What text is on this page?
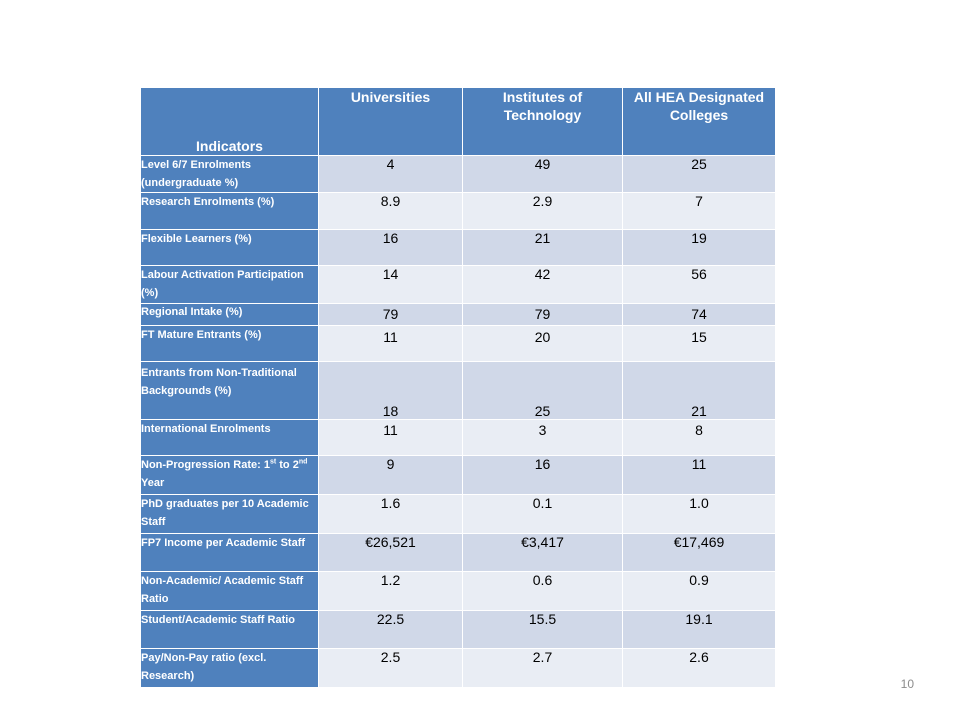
Indicators	Universities	Institutes of Technology	All HEA Designated Colleges
Level 6/7 Enrolments (undergraduate %)	4	49	25
Research Enrolments (%)	8.9	2.9	7
Flexible Learners (%)	16	21	19
Labour Activation Participation (%)	14	42	56
Regional Intake (%)	79	79	74
FT Mature Entrants (%)	11	20	15
Entrants from Non-Traditional Backgrounds (%)	18	25	21
International Enrolments	11	3	8
Non-Progression Rate: 1st to 2nd Year	9	16	11
PhD graduates per 10 Academic Staff	1.6	0.1	1.0
FP7 Income per Academic Staff	€26,521	€3,417	€17,469
Non-Academic/ Academic Staff Ratio	1.2	0.6	0.9
Student/Academic Staff Ratio	22.5	15.5	19.1
Pay/Non-Pay ratio (excl. Research)	2.5	2.7	2.6
10
